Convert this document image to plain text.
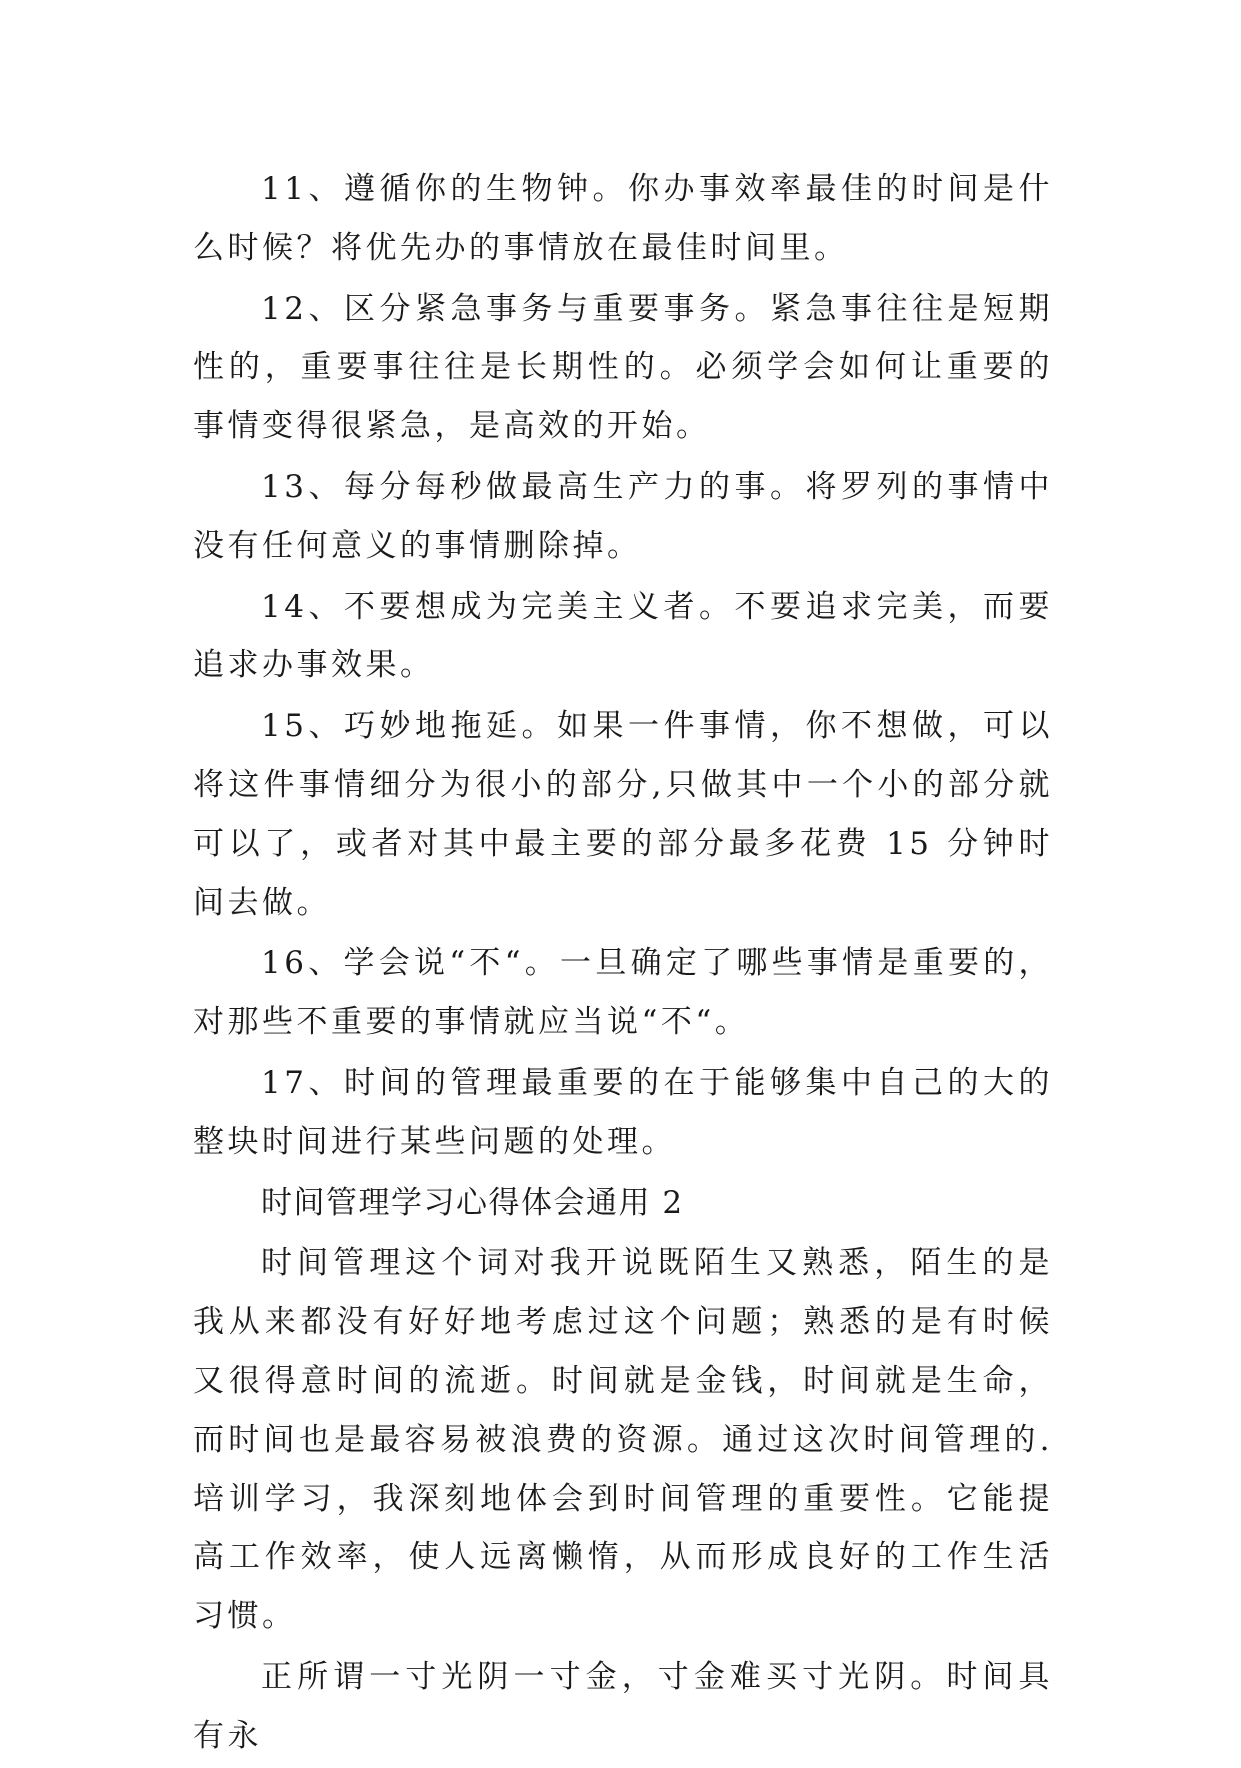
11、遵循你的生物钟。你办事效率最佳的时间是什么时候？将优先办的事情放在最佳时间里。

12、区分紧急事务与重要事务。紧急事往往是短期性的，重要事往往是长期性的。必须学会如何让重要的事情变得很紧急，是高效的开始。

13、每分每秒做最高生产力的事。将罗列的事情中没有任何意义的事情删除掉。

14、不要想成为完美主义者。不要追求完美，而要追求办事效果。

15、巧妙地拖延。如果一件事情，你不想做，可以将这件事情细分为很小的部分,只做其中一个小的部分就可以了，或者对其中最主要的部分最多花费 15 分钟时间去做。

16、学会说“不“。一旦确定了哪些事情是重要的，对那些不重要的事情就应当说“不“。

17、时间的管理最重要的在于能够集中自己的大的整块时间进行某些问题的处理。

时间管理学习心得体会通用 2

时间管理这个词对我开说既陌生又熟悉，陌生的是我从来都没有好好地考虑过这个问题；熟悉的是有时候又很得意时间的流逝。时间就是金钱，时间就是生命，而时间也是最容易被浪费的资源。通过这次时间管理的.培训学习，我深刻地体会到时间管理的重要性。它能提高工作效率，使人远离懒惰，从而形成良好的工作生活习惯。

正所谓一寸光阴一寸金，寸金难买寸光阴。时间具有永
